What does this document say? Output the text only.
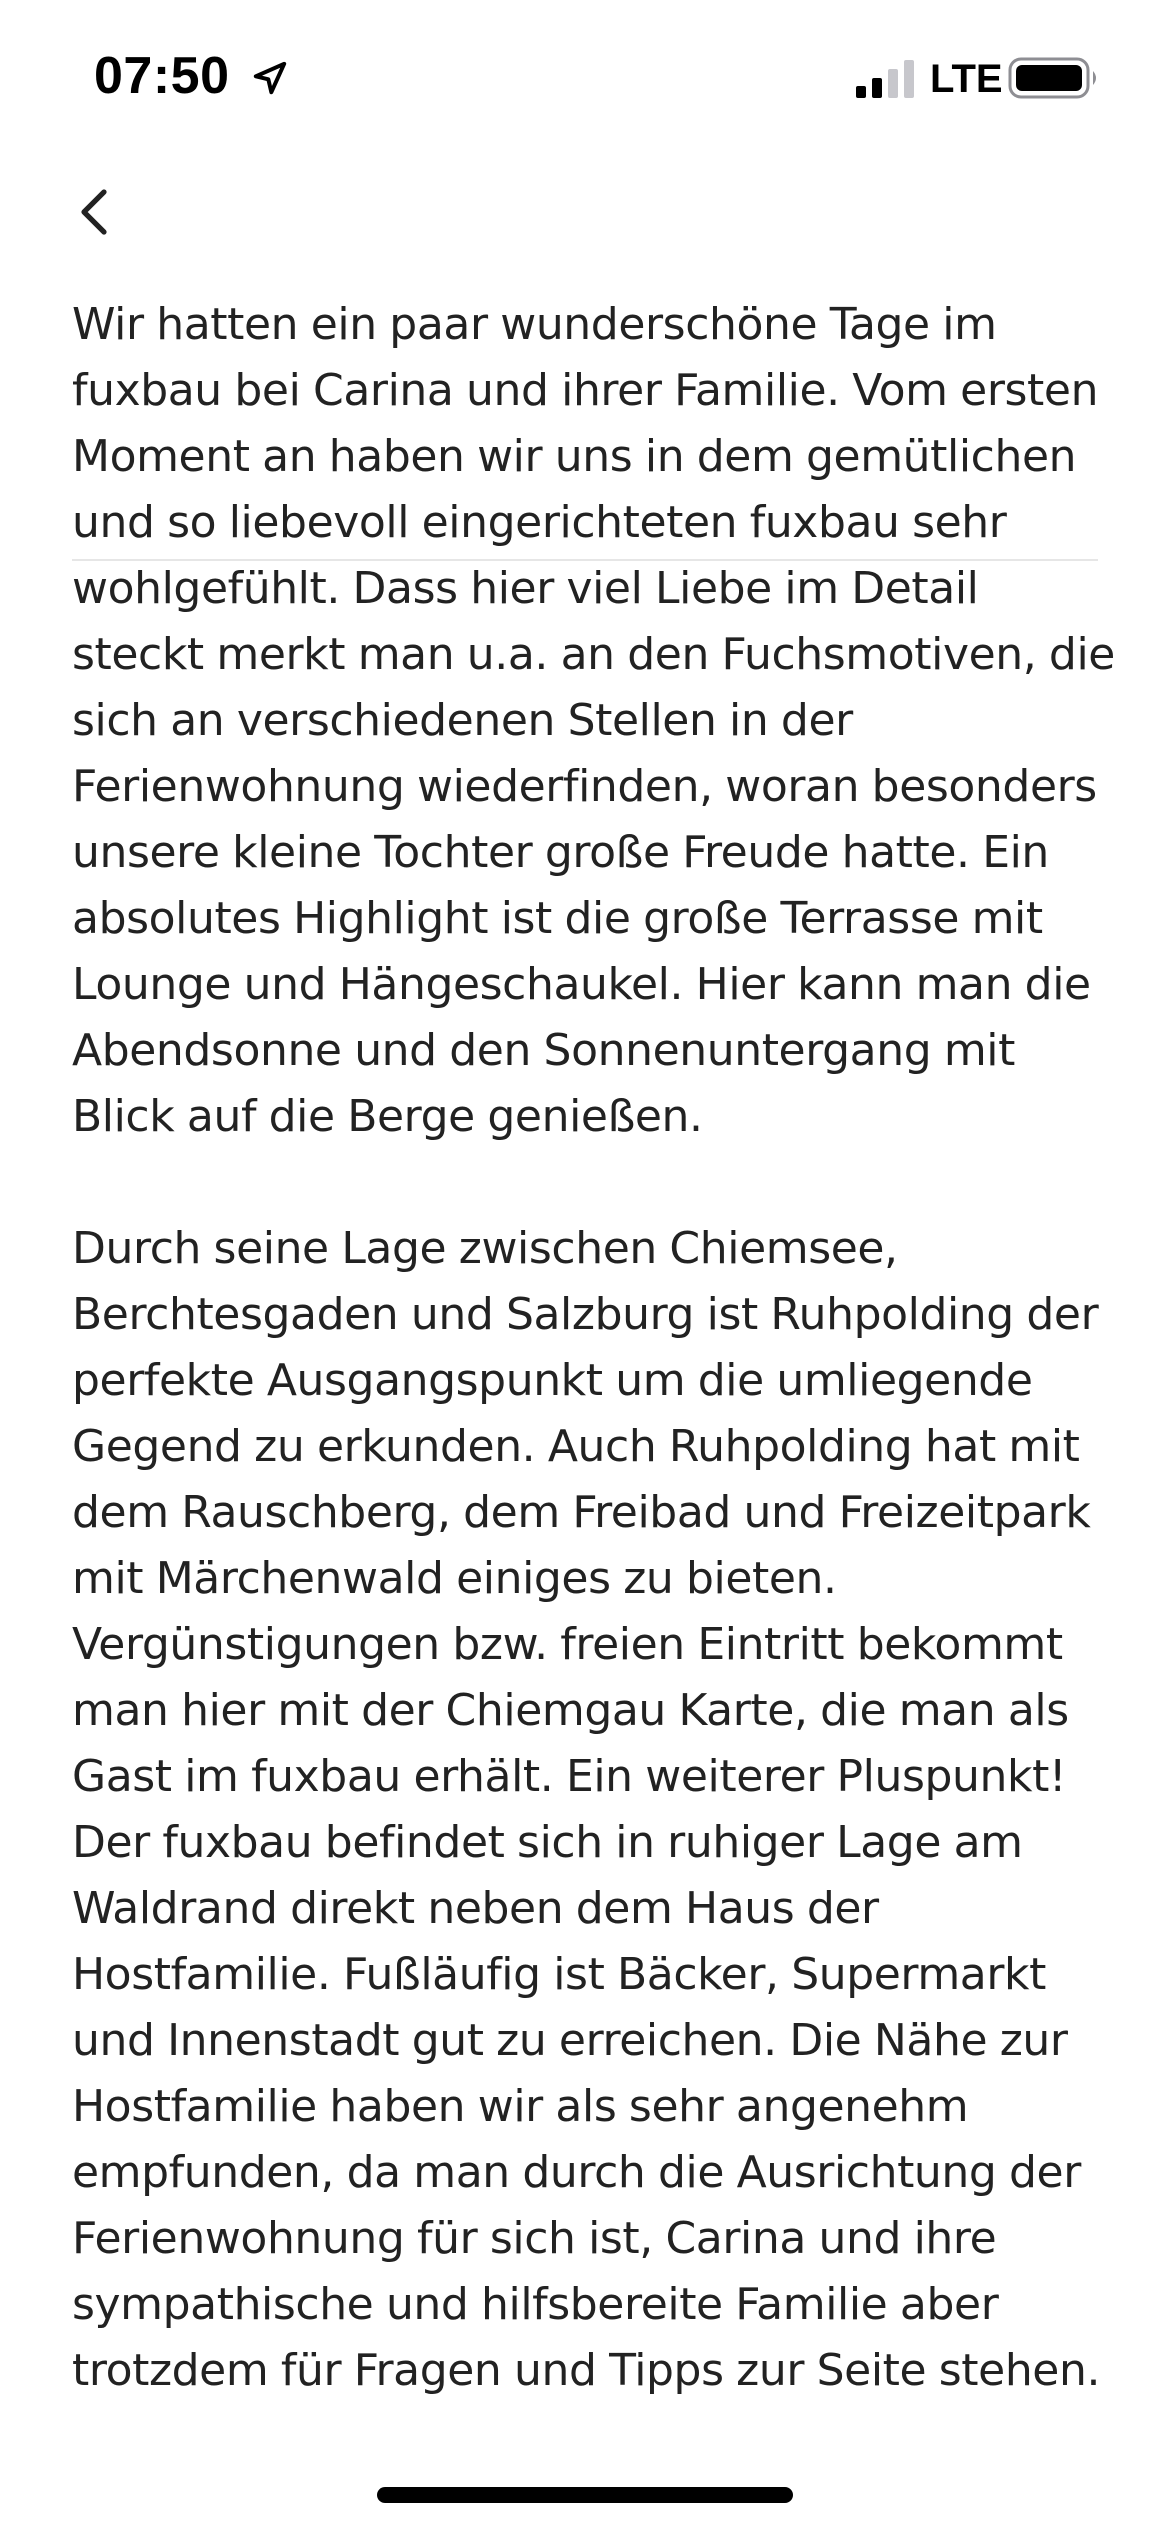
07:50	LTE

Wir hatten ein paar wunderschöne Tage im fuxbau bei Carina und ihrer Familie. Vom ersten Moment an haben wir uns in dem gemütlichen und so liebevoll eingerichteten fuxbau sehr wohlgefühlt. Dass hier viel Liebe im Detail steckt merkt man u.a. an den Fuchsmotiven, die sich an verschiedenen Stellen in der Ferienwohnung wiederfinden, woran besonders unsere kleine Tochter große Freude hatte. Ein absolutes Highlight ist die große Terrasse mit Lounge und Hängeschaukel. Hier kann man die Abendsonne und den Sonnenuntergang mit Blick auf die Berge genießen.

Durch seine Lage zwischen Chiemsee, Berchtesgaden und Salzburg ist Ruhpolding der perfekte Ausgangspunkt um die umliegende Gegend zu erkunden. Auch Ruhpolding hat mit dem Rauschberg, dem Freibad und Freizeitpark mit Märchenwald einiges zu bieten. Vergünstigungen bzw. freien Eintritt bekommt man hier mit der Chiemgau Karte, die man als Gast im fuxbau erhält. Ein weiterer Pluspunkt! Der fuxbau befindet sich in ruhiger Lage am Waldrand direkt neben dem Haus der Hostfamilie. Fußläufig ist Bäcker, Supermarkt und Innenstadt gut zu erreichen. Die Nähe zur Hostfamilie haben wir als sehr angenehm empfunden, da man durch die Ausrichtung der Ferienwohnung für sich ist, Carina und ihre sympathische und hilfsbereite Familie aber trotzdem für Fragen und Tipps zur Seite stehen.
